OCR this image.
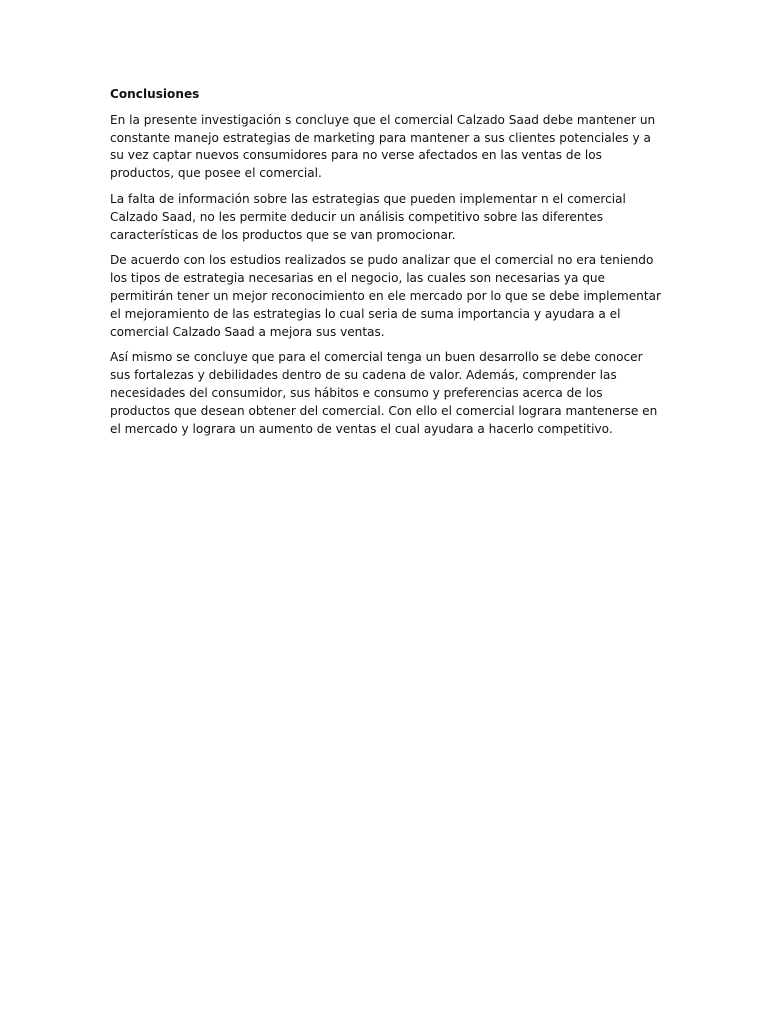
Conclusiones

En la presente investigación s concluye que el comercial Calzado Saad debe mantener un constante manejo estrategias de marketing para mantener a sus clientes potenciales y a su vez captar nuevos consumidores para no verse afectados en las ventas de los productos, que posee el comercial.

La falta de información sobre las estrategias que pueden implementar n el comercial Calzado Saad, no les permite deducir un análisis competitivo sobre las diferentes características de los productos que se van promocionar.

De acuerdo con los estudios realizados se pudo analizar que el comercial no era teniendo los tipos de estrategia necesarias en el negocio, las cuales son necesarias ya que permitirán tener un mejor reconocimiento en ele mercado por lo que se debe implementar el mejoramiento de las estrategias lo cual seria de suma importancia y ayudara a el comercial Calzado Saad a mejora sus ventas.

Así mismo se concluye que para el comercial tenga un buen desarrollo se debe conocer sus fortalezas y debilidades dentro de su cadena de valor. Además, comprender las necesidades del consumidor, sus hábitos e consumo y preferencias acerca de los productos que desean obtener del comercial. Con ello el comercial lograra mantenerse en el mercado y lograra un aumento de ventas el cual ayudara a hacerlo competitivo.
